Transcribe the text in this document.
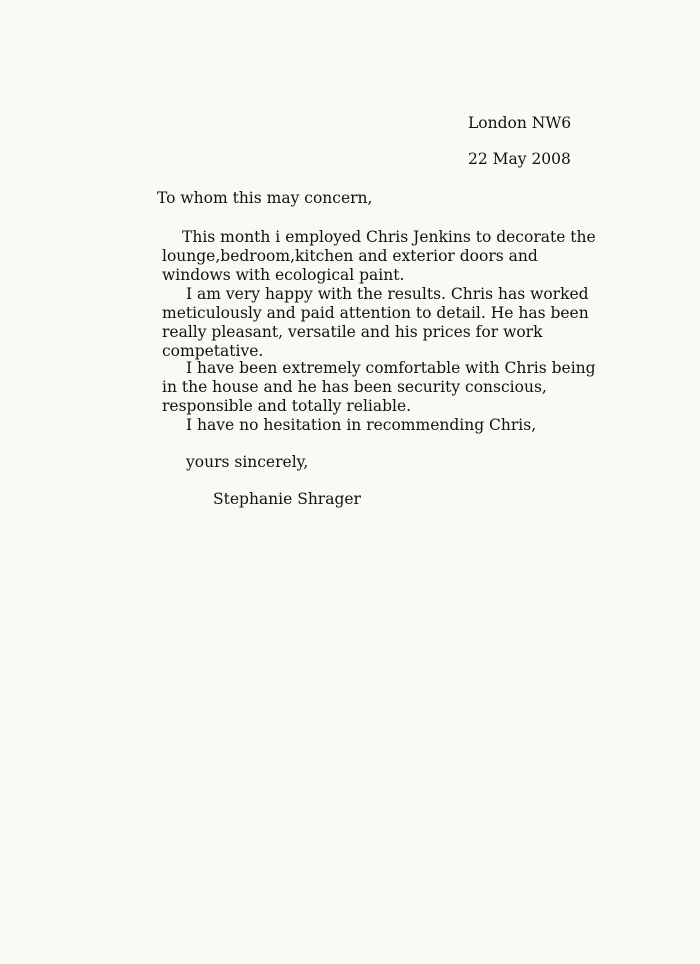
London NW6
22 May 2008
To whom this may concern,
This month i employed Chris Jenkins to decorate the lounge,bedroom,kitchen and exterior doors and windows with ecological paint.
I am very happy with the results. Chris has worked meticulously and paid attention to detail. He has been really pleasant, versatile and his prices for work competative.
I have been extremely comfortable with Chris being in the house and he has been security conscious, responsible and totally reliable.
I have no hesitation in recommending Chris,
yours sincerely,
Stephanie Shrager
